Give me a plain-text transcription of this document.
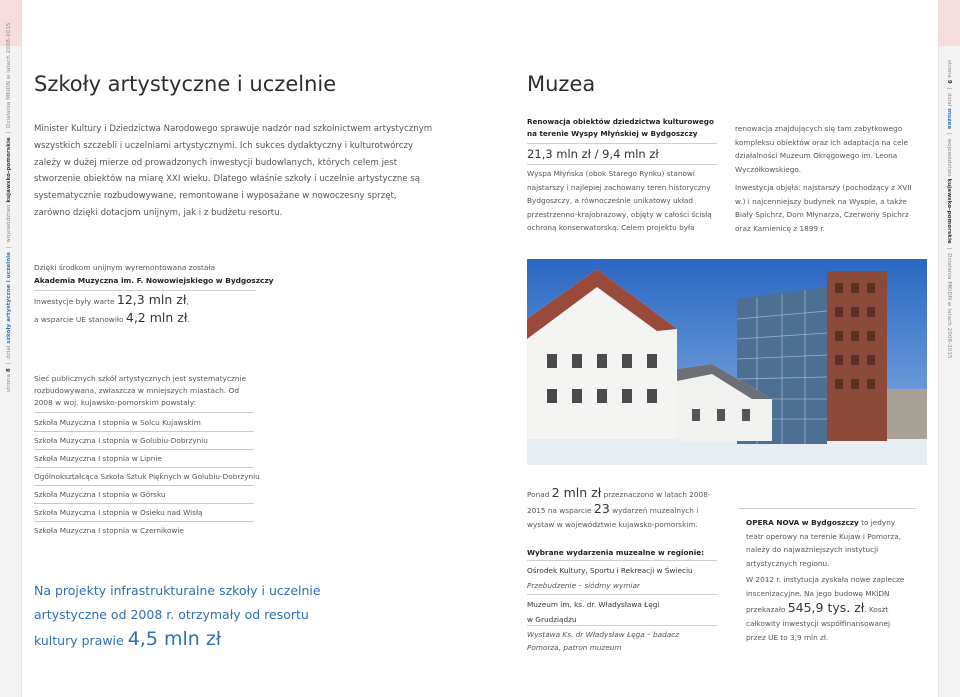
strona 8  |  dział szkoły artystyczne i uczelnie  |  województwo kujawsko-pomorskie  |  Działania MKiDN w latach 2008-2015	strona 9  |  dział muzea  |  województwo kujawsko-pomorskie  |  Działania MKiDN w latach 2008-2015
Szkoły artystyczne i uczelnie
Minister Kultury i Dziedzictwa Narodowego sprawuje nadzór nad szkolnictwem artystycznym wszystkich szczebli i uczelniami artystycznymi. Ich sukces dydaktyczny i kulturotwórczy zależy w dużej mierze od prowadzonych inwestycji budowlanych, których celem jest stworzenie obiektów na miarę XXI wieku. Dlatego właśnie szkoły i uczelnie artystyczne są systematycznie rozbudowywane, remontowane i wyposażane w nowoczesny sprzęt, zarówno dzięki dotacjom unijnym, jak i z budżetu resortu.
Dzięki środkom unijnym wyremontowana została
Akademia Muzyczna im. F. Nowowiejskiego w Bydgoszczy
Inwestycje były warte 12,3 mln zł,
a wsparcie UE stanowiło 4,2 mln zł.
Sieć publicznych szkół artystycznych jest systematycznie rozbudowywana, zwłaszcza w mniejszych miastach. Od 2008 w woj. kujawsko-pomorskim powstały:
Szkoła Muzyczna I stopnia w Solcu Kujawskim
Szkoła Muzyczna I stopnia w Golubiu-Dobrzyniu
Szkoła Muzyczna I stopnia w Lipnie
Ogólnokształcąca Szkoła Sztuk Pięknych w Golubiu-Dobrzyniu
Szkoła Muzyczna I stopnia w Górsku
Szkoła Muzyczna I stopnia w Osieku nad Wisłą
Szkoła Muzyczna I stopnia w Czernikowie
Na projekty infrastrukturalne szkoły i uczelnie
artystyczne od 2008 r. otrzymały od resortu
kultury prawie 4,5 mln zł
Muzea
Renowacja obiektów dziedzictwa kulturowego na terenie Wyspy Młyńskiej w Bydgoszczy
21,3 mln zł / 9,4 mln zł
Wyspa Młyńska (obok Starego Rynku) stanowi najstarszy i najlepiej zachowany teren historyczny Bydgoszczy, a równocześnie unikatowy układ przestrzenno-krajobrazowy, objęty w całości ścisłą ochroną konserwatorską. Celem projektu była
renowacja znajdujących się tam zabytkowego kompleksu obiektów oraz ich adaptacja na cele działalności Muzeum Okręgowego im. Leona Wyczółkowskiego.
Inwestycja objęła: najstarszy (pochodzący z XVII w.) i najcenniejszy budynek na Wyspie, a także Biały Spichrz, Dom Młynarza, Czerwony Spichrz oraz Kamienicę z 1899 r.
Ponad 2 mln zł przeznaczono w latach 2008-2015 na wsparcie 23 wydarzeń muzealnych i wystaw w województwie kujawsko-pomorskim.
Wybrane wydarzenia muzealne w regionie:
Ośrodek Kultury, Sportu i Rekreacji w Świeciu
Przebudzenie – siódmy wymiar
Muzeum im. ks. dr. Władysława Łęgi w Grudziądzu
Wystawa Ks. dr Władysław Łęga – badacz Pomorza, patron muzeum
OPERA NOVA w Bydgoszczy to jedyny teatr operowy na terenie Kujaw i Pomorza, należy do najważniejszych instytucji artystycznych regionu.
W 2012 r. instytucja zyskała nowe zaplecze inscenizacyjne. Na jego budowę MKiDN przekazało 545,9 tys. zł. Koszt całkowity inwestycji współfinansowanej przez UE to 3,9 mln zł.
